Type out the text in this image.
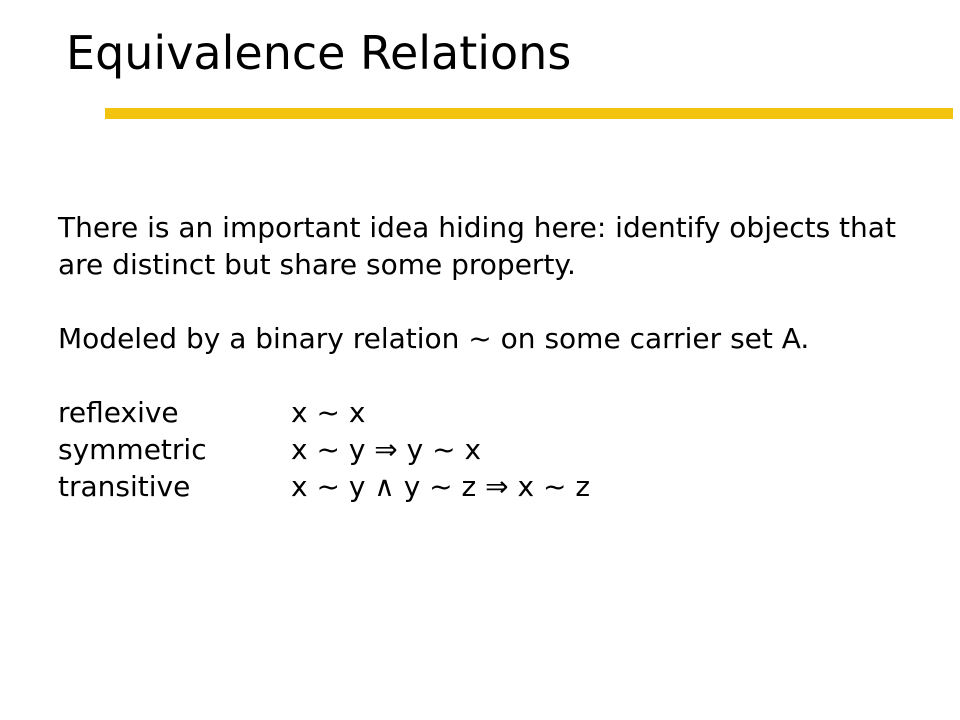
Equivalence Relations

There is an important idea hiding here: identify objects that are distinct but share some property.

Modeled by a binary relation ~ on some carrier set A.

reflexive	x ~ x
symmetric	x ~ y ⇒ y ~ x
transitive	x ~ y ∧ y ~ z ⇒ x ~ z
